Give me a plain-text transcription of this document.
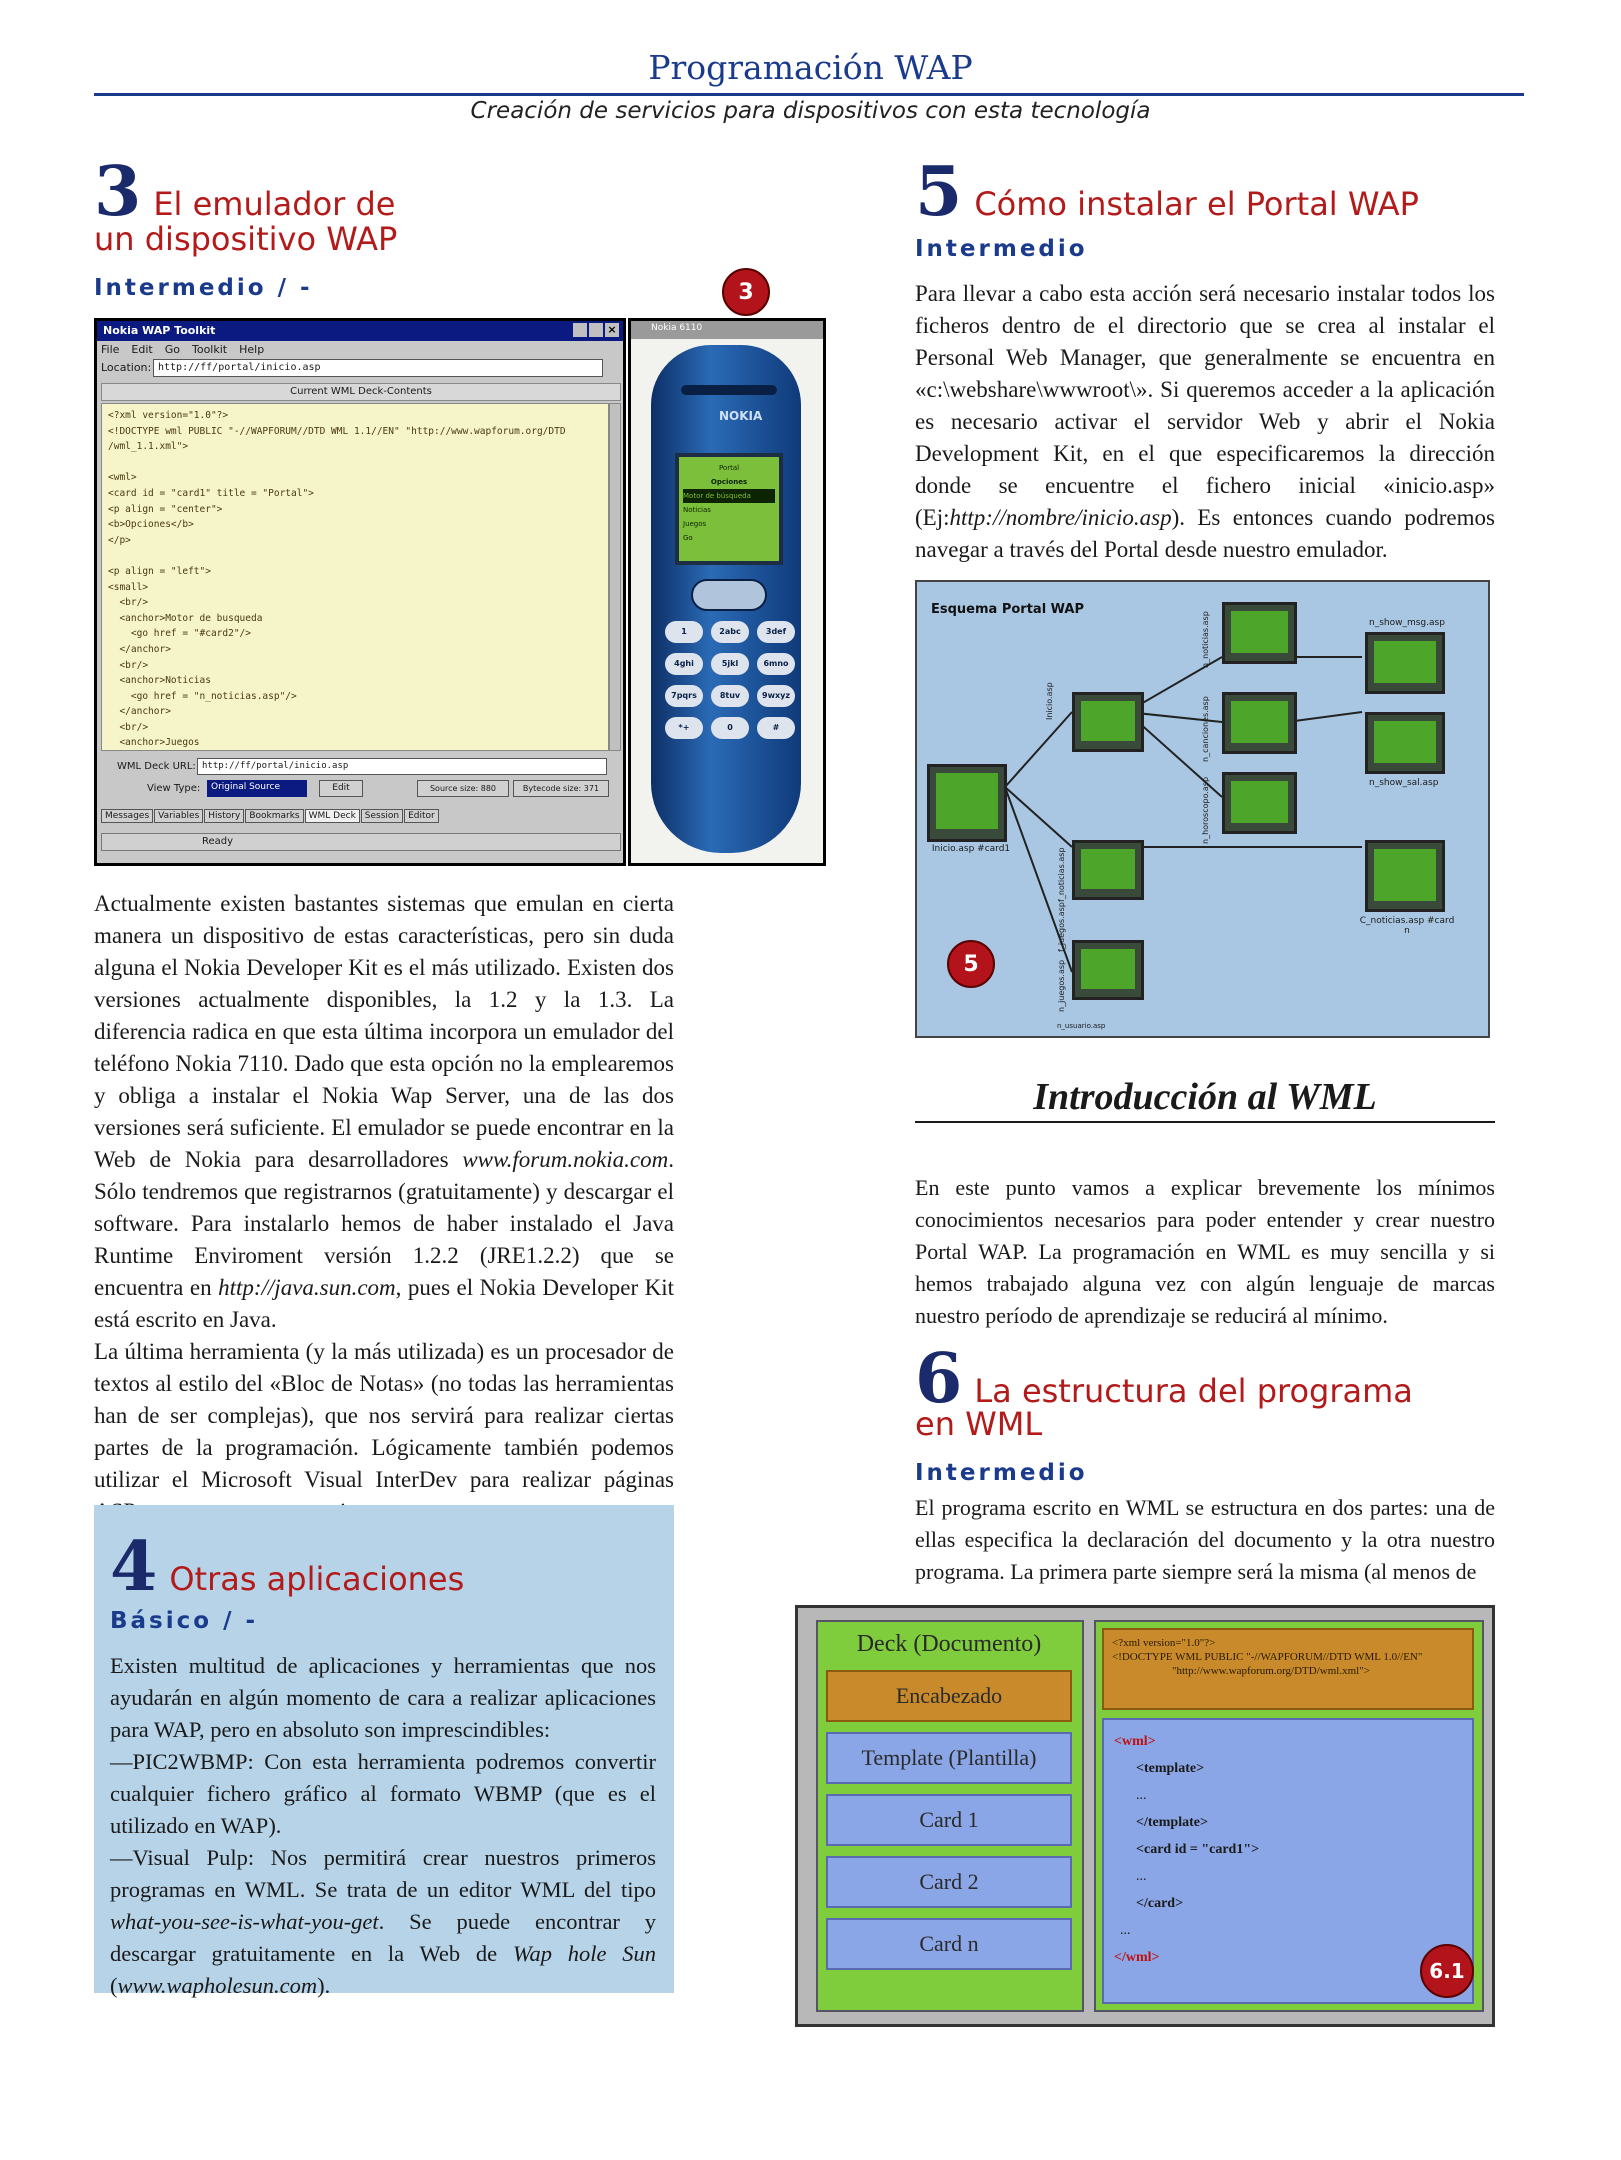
Programación WAP
Creación de servicios para dispositivos con esta tecnología
3 El emulador de
un dispositivo WAP
Intermedio / -	3
Nokia WAP Toolkit	×
File Edit Go Toolkit Help
Location: http://ff/portal/inicio.asp
Current WML Deck-Contents
<?xml version="1.0"?>
<!DOCTYPE wml PUBLIC "-//WAPFORUM//DTD WML 1.1//EN" "http://www.wapforum.org/DTD
/wml_1.1.xml">

<wml>
<card id = "card1" title = "Portal">
<p align = "center">
<b>Opciones</b>
</p>

<p align = "left">
<small>
<br/>
<anchor>Motor de busqueda
<go href = "#card2"/>
</anchor>
<br/>
<anchor>Noticias
<go href = "n_noticias.asp"/>
</anchor>
<br/>
<anchor>Juegos
WML Deck URL: http://ff/portal/inicio.asp
View Type:	Original Source	Edit	Source size: 880	Bytecode size: 371
Messages	Variables	History	Bookmarks	WML Deck	Session	Editor
Ready
Nokia 6110
NOKIA
Portal
Opciones
Motor de búsqueda
Noticias
Juegos
Go
1	2abc	3def
4ghi	5jkl	6mno
7pqrs	8tuv	9wxyz
*+	0	#

Actualmente existen bastantes sistemas que emulan en cierta manera un dispositivo de estas características, pero sin duda alguna el Nokia Developer Kit es el más utilizado. Existen dos versiones actualmente disponibles, la 1.2 y la 1.3. La diferencia radica en que esta última incorpora un emulador del teléfono Nokia 7110. Dado que esta opción no la emplearemos y obliga a instalar el Nokia Wap Server, una de las dos versiones será suficiente. El emulador se puede encontrar en la Web de Nokia para desarrolladores www.forum.nokia.com. Sólo tendremos que registrarnos (gratuitamente) y descargar el software. Para instalarlo hemos de haber instalado el Java Runtime Enviroment versión 1.2.2 (JRE1.2.2) que se encuentra en http://java.sun.com, pues el Nokia Developer Kit está escrito en Java.

La última herramienta (y la más utilizada) es un procesador de textos al estilo del «Bloc de Notas» (no todas las herramientas han de ser complejas), que nos servirá para realizar ciertas partes de la programación. Lógicamente también podemos utilizar el Microsoft Visual InterDev para realizar páginas

4 Otras aplicaciones
Básico / -

Existen multitud de aplicaciones y herramientas que nos ayudarán en algún momento de cara a realizar aplicaciones para WAP, pero en absoluto son imprescindibles:

—PIC2WBMP: Con esta herramienta podremos convertir cualquier fichero gráfico al formato WBMP (que es el utilizado en WAP).

—Visual Pulp: Nos permitirá crear nuestros primeros programas en WML. Se trata de un editor WML del tipo what-you-see-is-what-you-get. Se puede encontrar y descargar gratuitamente en la Web de Wap hole Sun (www.wapholesun.com).

5 Cómo instalar el Portal WAP
Intermedio

Para llevar a cabo esta acción será necesario instalar todos los ficheros dentro de el directorio que se crea al instalar el Personal Web Manager, que generalmente se encuentra en «c:\webshare\wwwroot\». Si queremos acceder a la aplicación es necesario activar el servidor Web y abrir el Nokia Development Kit, en el que especificaremos la dirección donde se encuentre el fichero inicial «inicio.asp» (Ej:http://nombre/inicio.asp). Es entonces cuando podremos navegar a través del Portal desde nuestro emulador.

Esquema Portal WAP
Inicio.asp #card1
Inicio.asp
n_noticias.asp
n_juegos.asp
n_canciones.asp
n_horoscopo.asp
f_noticias.asp
f_juegos.asp
n_show_msg.asp
n_show_sal.asp
C_noticias.asp #card n
n_usuario.asp
5
Introducción al WML

En este punto vamos a explicar brevemente los mínimos conocimientos necesarios para poder entender y crear nuestro Portal WAP. La programación en WML es muy sencilla y si hemos trabajado alguna vez con algún lenguaje de marcas nuestro período de aprendizaje se reducirá al mínimo.

6 La estructura del programa
en WML
Intermedio

El programa escrito en WML se estructura en dos partes: una de ellas especifica la declaración del documento y la otra nuestro programa. La primera parte siempre será la misma (al menos de

Deck (Documento)
Encabezado
Template (Plantilla)
Card 1
Card 2
Card n
<?xml version="1.0"?>
<!DOCTYPE WML PUBLIC "-//WAPFORUM//DTD WML 1.0//EN"
"http://www.wapforum.org/DTD/wml.xml">
<wml>
<template>
...
</template>
<card id = "card1">
...
</card>
...
</wml>
6.1
